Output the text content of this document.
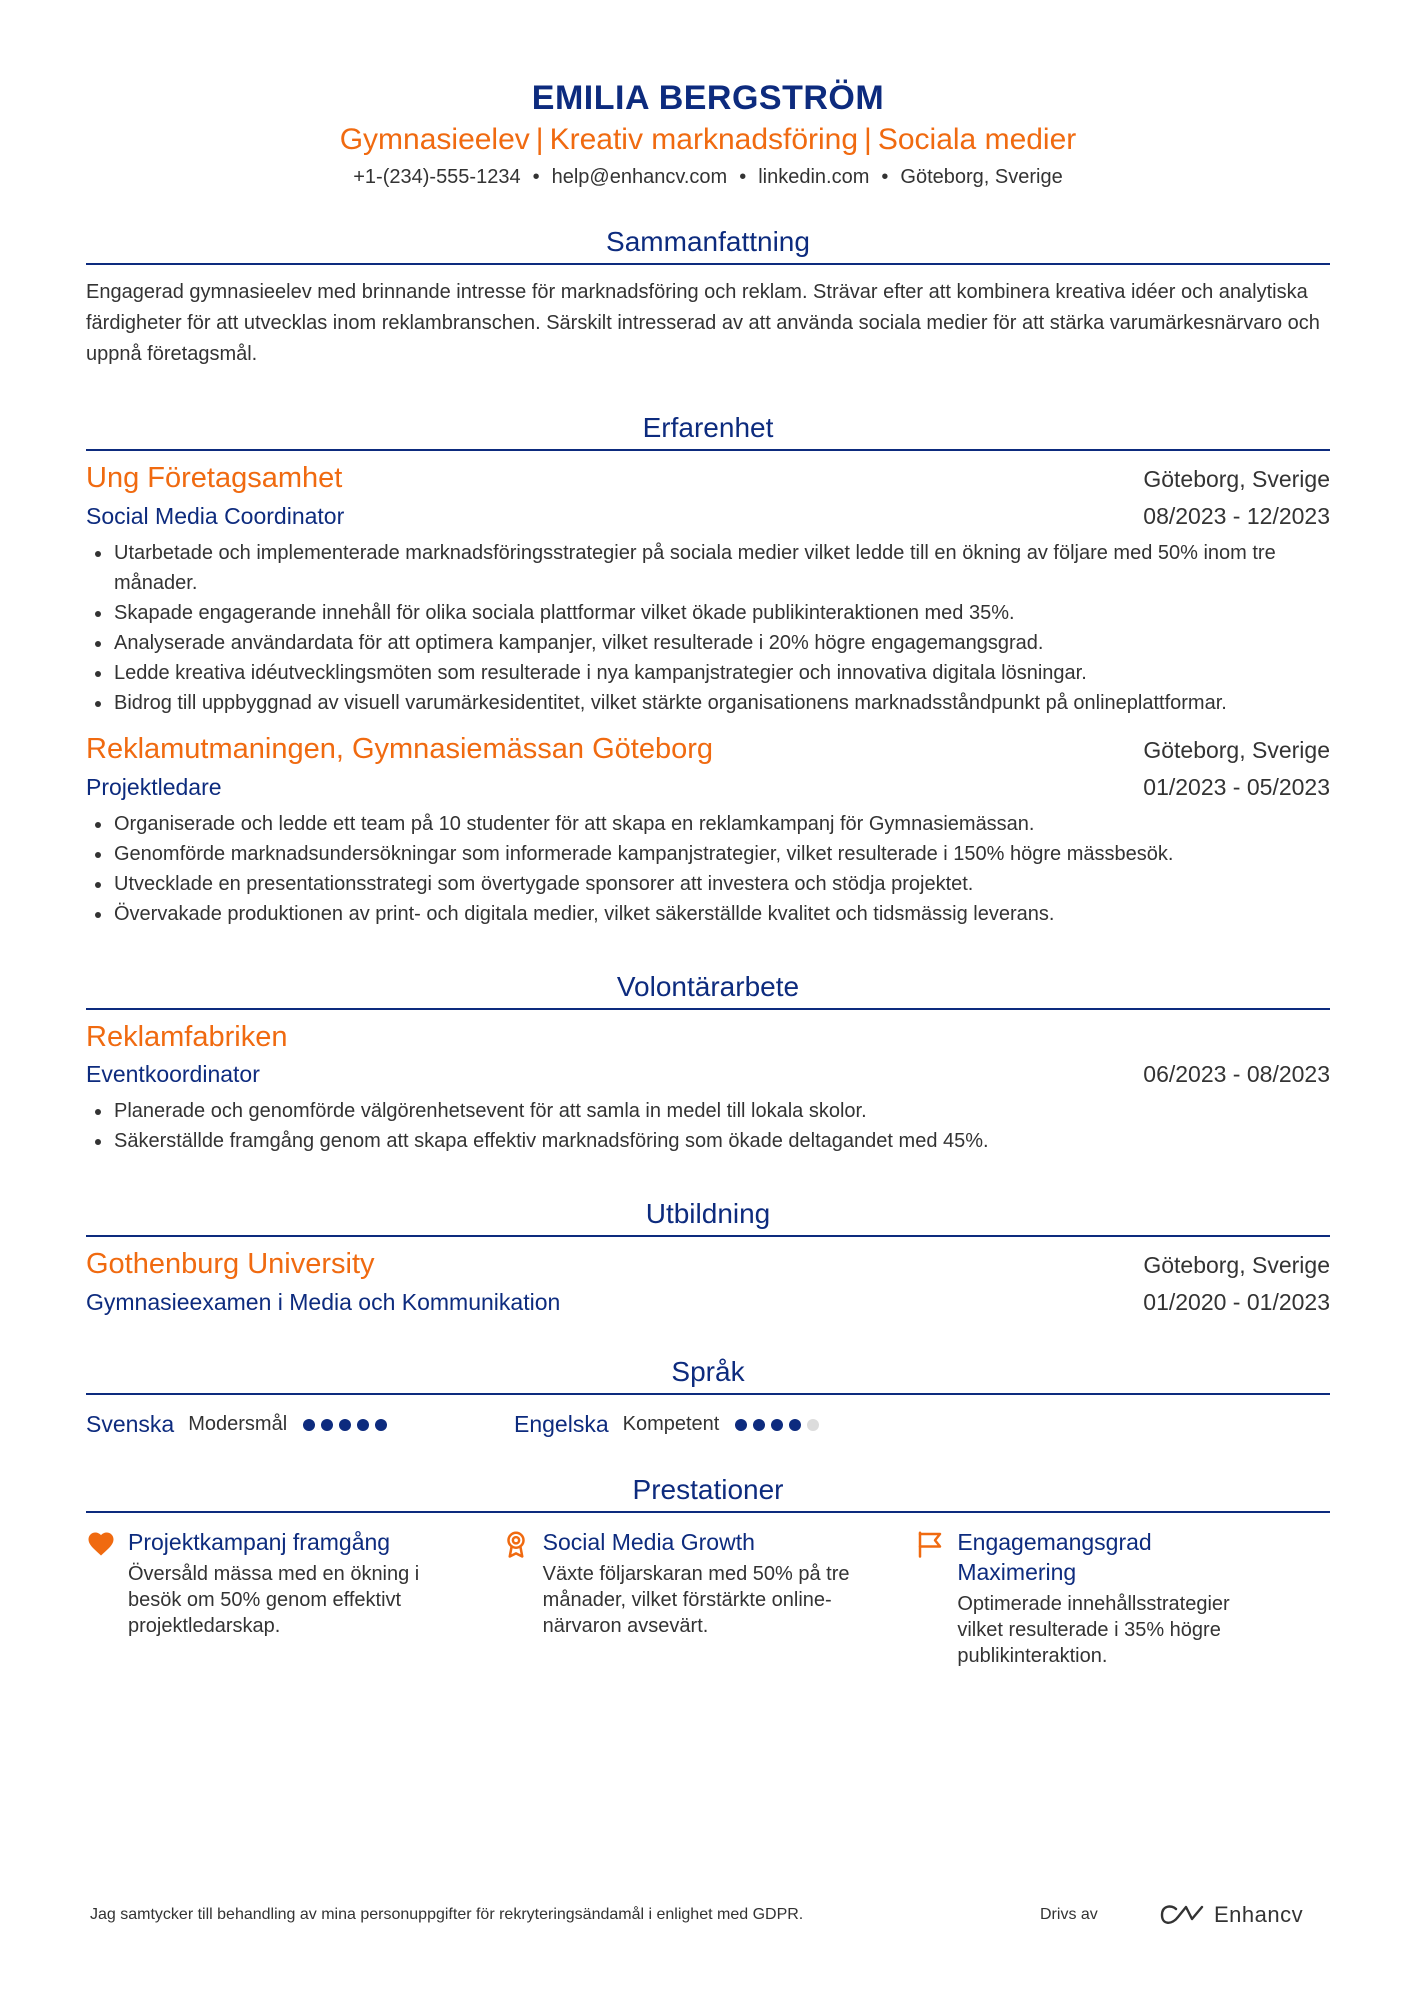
EMILIA BERGSTRÖM
Gymnasieelev | Kreativ marknadsföring | Sociala medier
+1-(234)-555-1234 • help@enhancv.com • linkedin.com • Göteborg, Sverige
Sammanfattning
Engagerad gymnasieelev med brinnande intresse för marknadsföring och reklam. Strävar efter att kombinera kreativa idéer och analytiska färdigheter för att utvecklas inom reklambranschen. Särskilt intresserad av att använda sociala medier för att stärka varumärkesnärvaro och uppnå företagsmål.
Erfarenhet
Ung Företagsamhet	Göteborg, Sverige
Social Media Coordinator	08/2023 - 12/2023
Utarbetade och implementerade marknadsföringsstrategier på sociala medier vilket ledde till en ökning av följare med 50% inom tre månader.
Skapade engagerande innehåll för olika sociala plattformar vilket ökade publikinteraktionen med 35%.
Analyserade användardata för att optimera kampanjer, vilket resulterade i 20% högre engagemangsgrad.
Ledde kreativa idéutvecklingsmöten som resulterade i nya kampanjstrategier och innovativa digitala lösningar.
Bidrog till uppbyggnad av visuell varumärkesidentitet, vilket stärkte organisationens marknadsståndpunkt på onlineplattformar.
Reklamutmaningen, Gymnasiemässan Göteborg	Göteborg, Sverige
Projektledare	01/2023 - 05/2023
Organiserade och ledde ett team på 10 studenter för att skapa en reklamkampanj för Gymnasiemässan.
Genomförde marknadsundersökningar som informerade kampanjstrategier, vilket resulterade i 150% högre mässbesök.
Utvecklade en presentationsstrategi som övertygade sponsorer att investera och stödja projektet.
Övervakade produktionen av print- och digitala medier, vilket säkerställde kvalitet och tidsmässig leverans.
Volontärarbete
Reklamfabriken
Eventkoordinator	06/2023 - 08/2023
Planerade och genomförde välgörenhetsevent för att samla in medel till lokala skolor.
Säkerställde framgång genom att skapa effektiv marknadsföring som ökade deltagandet med 45%.
Utbildning
Gothenburg University	Göteborg, Sverige
Gymnasieexamen i Media och Kommunikation	01/2020 - 01/2023
Språk
Svenska Modersmål	Engelska Kompetent
Prestationer
Projektkampanj framgång
Översåld mässa med en ökning i besök om 50% genom effektivt projektledarskap.
Social Media Growth
Växte följarskaran med 50% på tre månader, vilket förstärkte online-närvaron avsevärt.
Engagemangsgrad Maximering
Optimerade innehållsstrategier vilket resulterade i 35% högre publikinteraktion.
Jag samtycker till behandling av mina personuppgifter för rekryteringsändamål i enlighet med GDPR.	Drivs av	Enhancv
